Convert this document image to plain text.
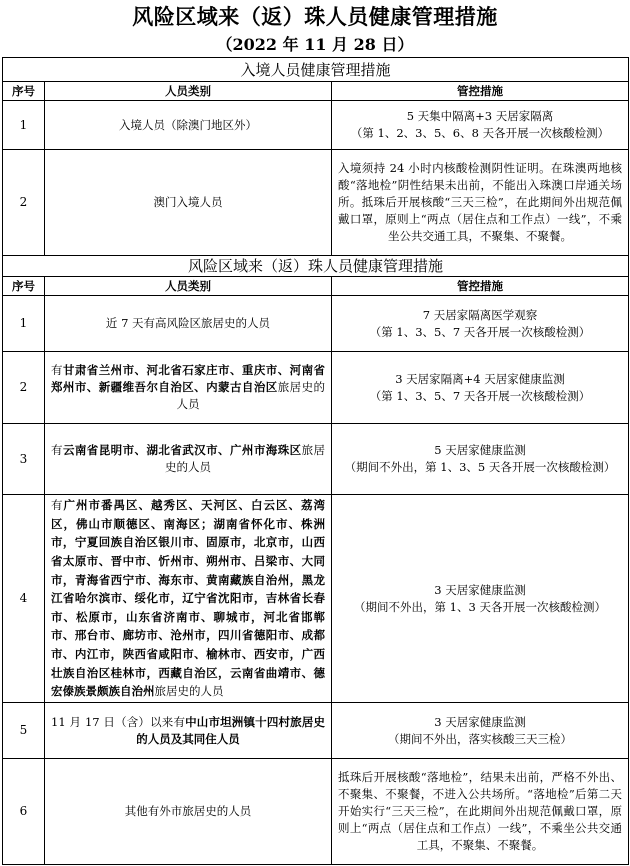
风险区域来（返）珠人员健康管理措施
（2022 年 11 月 28 日）
入境人员健康管理措施		
序号	人员类别	管控措施
1	入境人员（除澳门地区外）	5 天集中隔离+3 天居家隔离
（第 1、2、3、5、6、8 天各开展一次核酸检测）

2	澳门入境人员	入境须持 24 小时内核酸检测阴性证明。在珠澳两地核酸“落地检”阴性结果未出前，不能出入珠澳口岸通关场所。抵珠后开展核酸“三天三检”，在此期间外出规范佩戴口罩，原则上“两点（居住点和工作点）一线”，不乘坐公共交通工具，不聚集、不聚餐。
风险区域来（返）珠人员健康管理措施		
序号	人员类别	管控措施
1	近 7 天有高风险区旅居史的人员	7 天居家隔离医学观察
（第 1、3、5、7 天各开展一次核酸检测）

2	有甘肃省兰州市、河北省石家庄市、重庆市、河南省郑州市、新疆维吾尔自治区、内蒙古自治区旅居史的人员	3 天居家隔离+4 天居家健康监测
（第 1、3、5、7 天各开展一次核酸检测）

3	有云南省昆明市、湖北省武汉市、广州市海珠区旅居史的人员	5 天居家健康监测
（期间不外出，第 1、3、5 天各开展一次核酸检测）

4	有广州市番禺区、越秀区、天河区、白云区、荔湾区，佛山市顺德区、南海区；湖南省怀化市、株洲市，宁夏回族自治区银川市、固原市，北京市，山西省太原市、晋中市、忻州市、朔州市、吕梁市、大同市，青海省西宁市、海东市、黄南藏族自治州，黑龙江省哈尔滨市、绥化市，辽宁省沈阳市，吉林省长春市、松原市，山东省济南市、聊城市，河北省邯郸市、邢台市、廊坊市、沧州市，四川省德阳市、成都市、内江市，陕西省咸阳市、榆林市、西安市，广西壮族自治区桂林市，西藏自治区，云南省曲靖市、德宏傣族景颇族自治州旅居史的人员	3 天居家健康监测
（期间不外出，第 1、3 天各开展一次核酸检测）

5	11 月 17 日（含）以来有中山市坦洲镇十四村旅居史的人员及其同住人员	3 天居家健康监测
（期间不外出，落实核酸三天三检）

6	其他有外市旅居史的人员	抵珠后开展核酸“落地检”，结果未出前，严格不外出、不聚集、不聚餐，不进入公共场所。“落地检”后第二天开始实行“三天三检”，在此期间外出规范佩戴口罩，原则上“两点（居住点和工作点）一线”，不乘坐公共交通工具，不聚集、不聚餐。
